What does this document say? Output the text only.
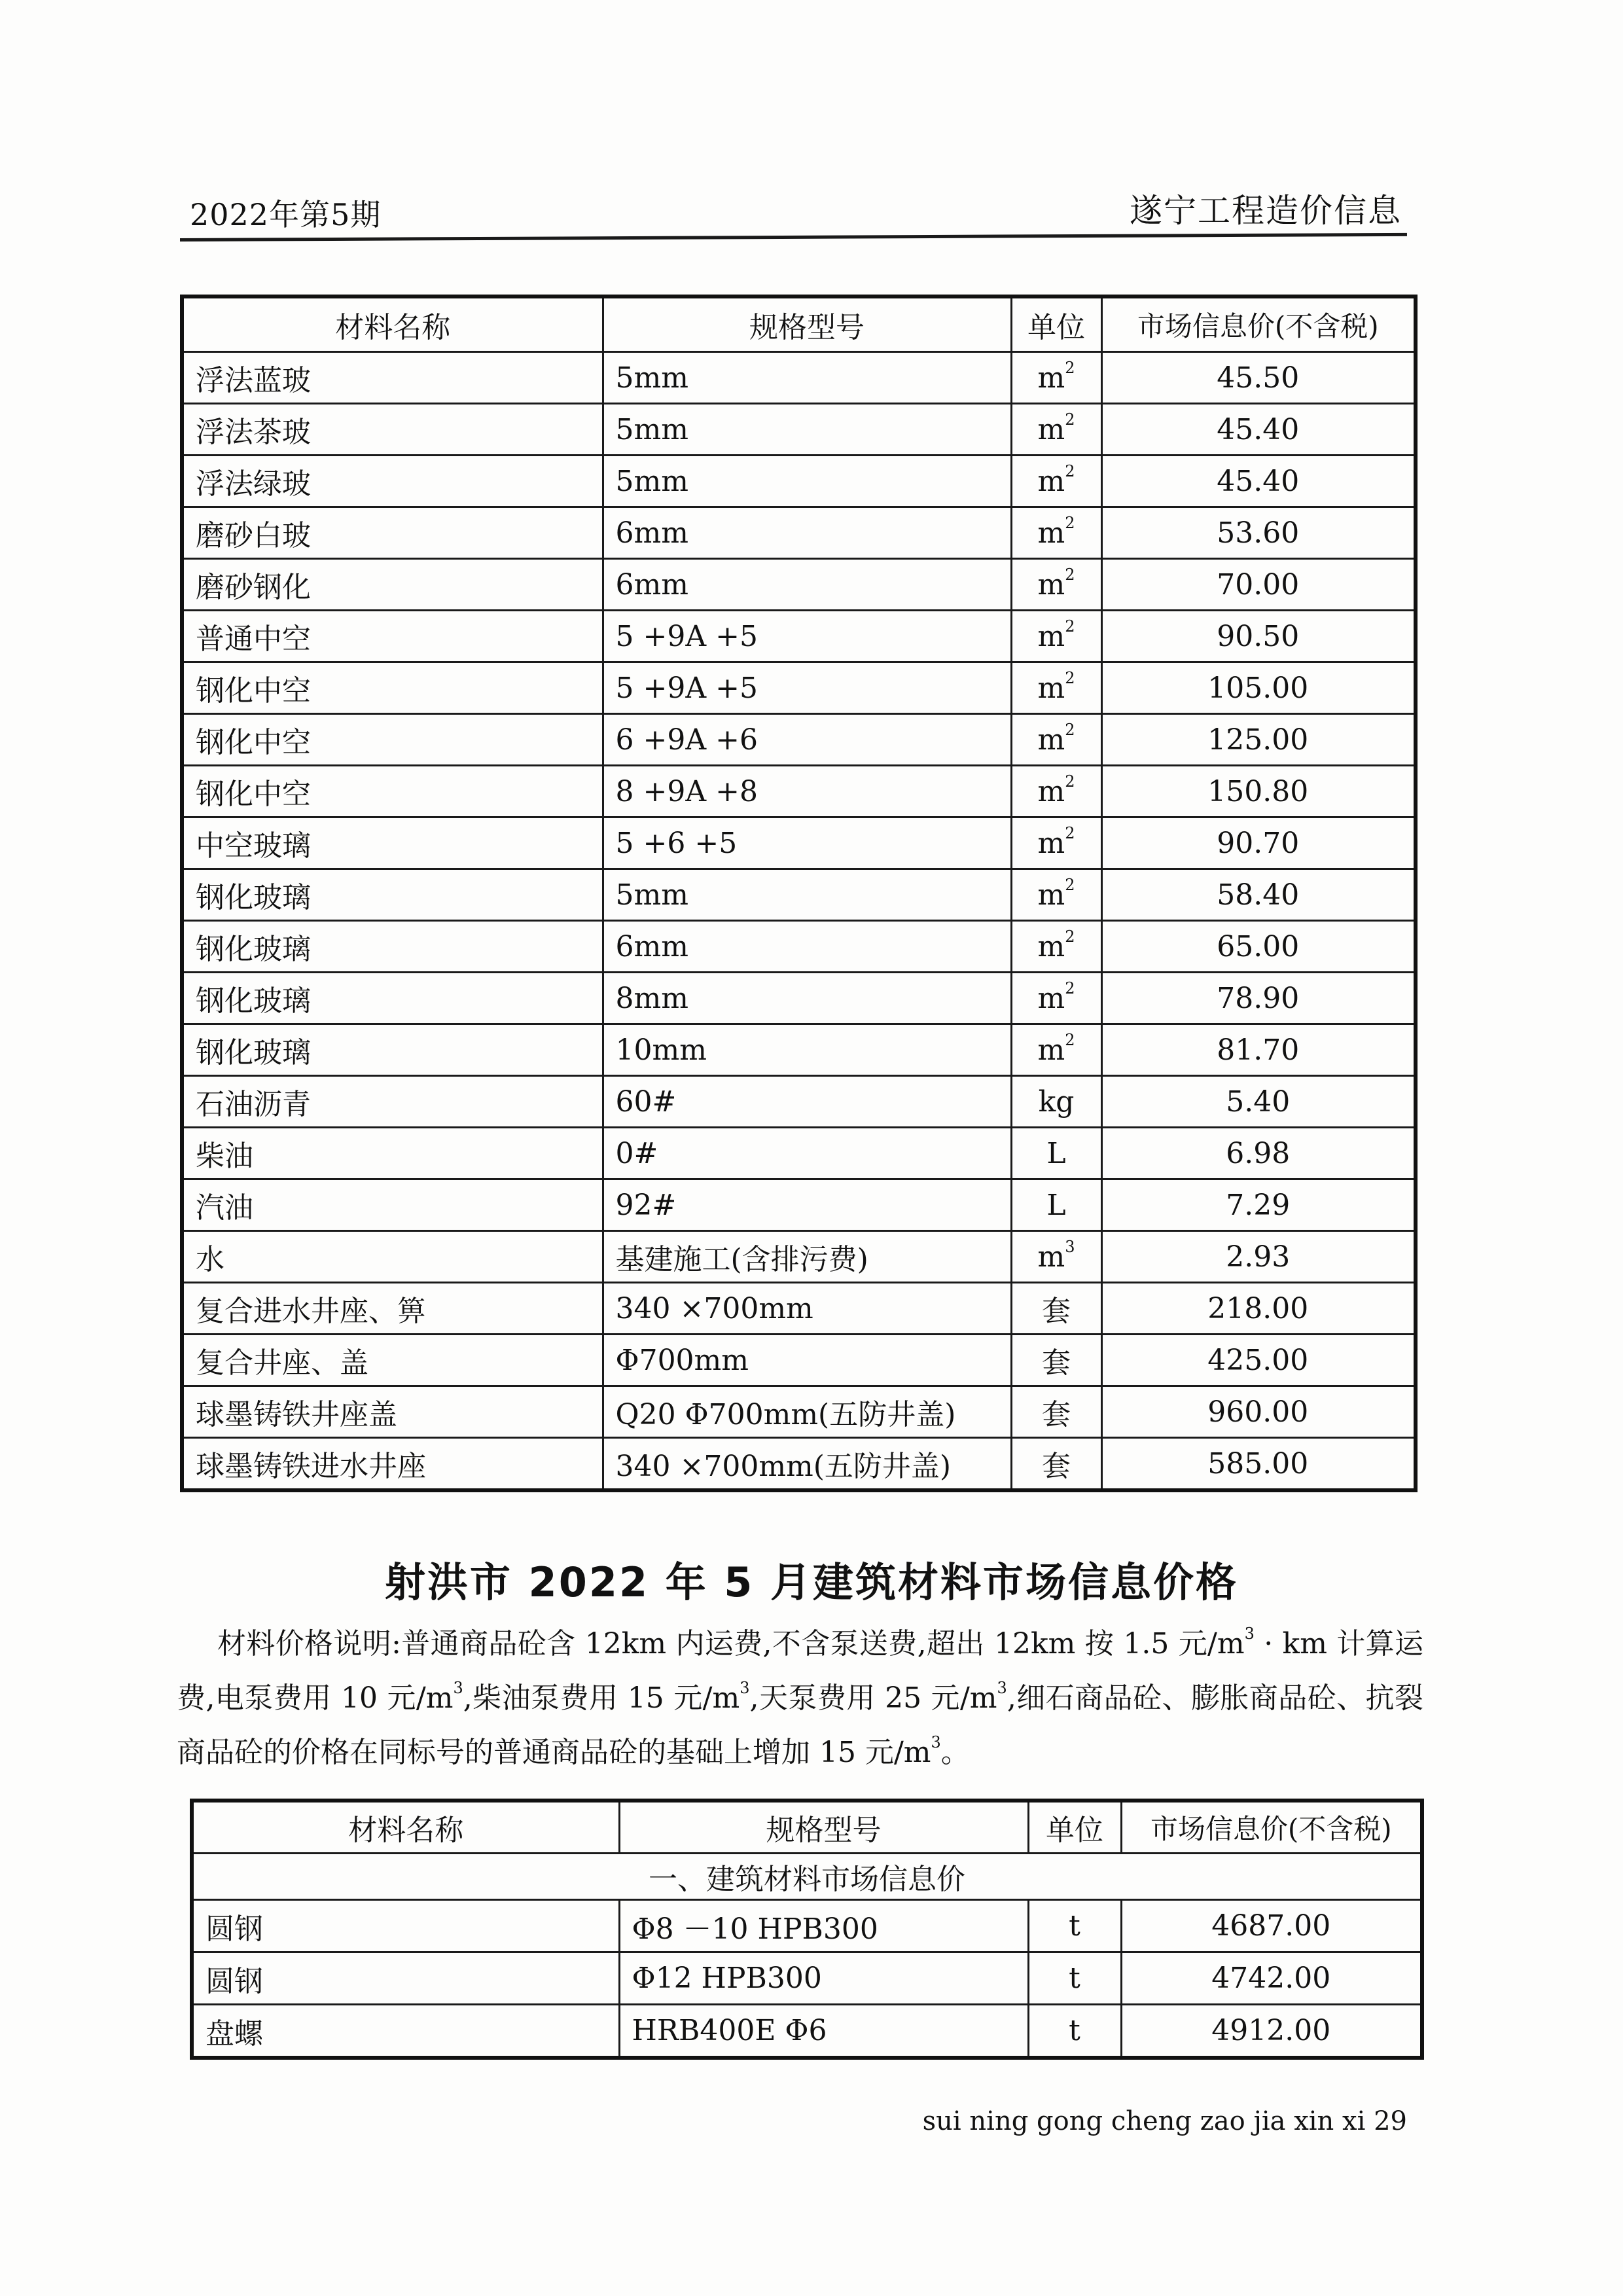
2022年第5期	遂宁工程造价信息
材料名称	规格型号	单位	市场信息价(不含税)
浮法蓝玻	5mm	$m^2$	45.50
浮法茶玻	5mm	$m^2$	45.40
浮法绿玻	5mm	$m^2$	45.40
磨砂白玻	6mm	$m^2$	53.60
磨砂钢化	6mm	$m^2$	70.00
普通中空	5 +9A +5	$m^2$	90.50
钢化中空	5 +9A +5	$m^2$	105.00
钢化中空	6 +9A +6	$m^2$	125.00
钢化中空	8 +9A +8	$m^2$	150.80
中空玻璃	5 +6 +5	$m^2$	90.70
钢化玻璃	5mm	$m^2$	58.40
钢化玻璃	6mm	$m^2$	65.00
钢化玻璃	8mm	$m^2$	78.90
钢化玻璃	10mm	$m^2$	81.70
石油沥青	60#	kg	5.40
柴油	0#	L	6.98
汽油	92#	L	7.29
水	基建施工(含排污费)	$m^3$	2.93
复合进水井座、箅	340 ×700mm	套	218.00
复合井座、盖	Φ700mm	套	425.00
球墨铸铁井座盖	Q20 Φ700mm(五防井盖)	套	960.00
球墨铸铁进水井座	340 ×700mm(五防井盖)	套	585.00
射洪市 2022 年 5 月建筑材料市场信息价格
材料价格说明:普通商品砼含 12km 内运费,不含泵送费,超出 12km 按 1.5 元$/m^3$ · km 计算运费,电泵费用 10 元$/m^3$,柴油泵费用 15 元$/m^3$,天泵费用 25 元$/m^3$,细石商品砼、膨胀商品砼、抗裂商品砼的价格在同标号的普通商品砼的基础上增加 15 元$/m^3$。
材料名称	规格型号	单位	市场信息价(不含税)
一、建筑材料市场信息价			
圆钢	Φ8 －10 HPB300	t	4687.00
圆钢	Φ12 HPB300	t	4742.00
盘螺	HRB400E Φ6	t	4912.00
sui ning gong cheng zao jia xin xi 29
